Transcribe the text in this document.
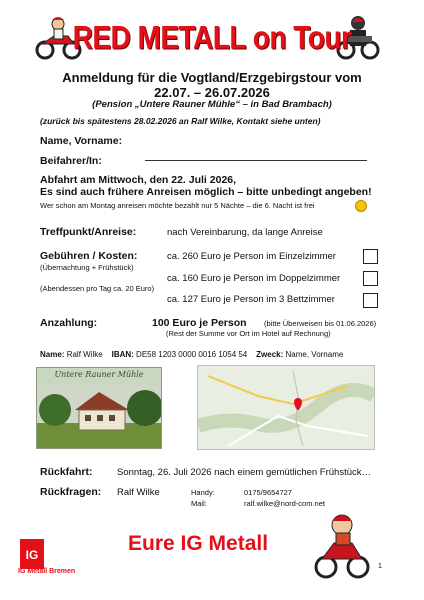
RED METALL on Tour
Anmeldung für die Vogtland/Erzgebirgstour vom
22.07. – 26.07.2026
(Pension „Untere Rauner Mühle“ – in Bad Brambach)
(zurück bis spätestens 28.02.2026 an Ralf Wilke, Kontakt siehe unten)
Name, Vorname:
Beifahrer/In:
Abfahrt am Mittwoch, den 22. Juli 2026,
Es sind auch frühere Anreisen möglich – bitte unbedingt angeben!
Wer schon am Montag anreisen möchte bezahlt nur 5 Nächte – die 6. Nacht ist frei
Treffpunkt/Anreise:	nach Vereinbarung, da lange Anreise
Gebühren / Kosten:
(Übernachtung + Frühstück)
ca. 260 Euro je Person im Einzelzimmer
ca. 160 Euro je Person im Doppelzimmer
(Abendessen pro Tag ca. 20 Euro)
ca. 127 Euro je Person im 3 Bettzimmer
Anzahlung:	100 Euro je Person (bitte Überweisen bis 01.06.2026)
(Rest der Summe vor Ort im Hotel auf Rechnung)
Name: Ralf Wilke IBAN: DE58 1203 0000 0016 1054 54 Zweck: Name, Vorname
Untere Rauner Mühle
Rückfahrt:	Sonntag, 26. Juli 2026 nach einem gemütlichen Frühstück…
Rückfragen: Ralf Wilke	Handy:	0175/9654727
Mail:	ralf.wilke@nord-com.net
IG
IG Metall Bremen
Eure IG Metall
1
